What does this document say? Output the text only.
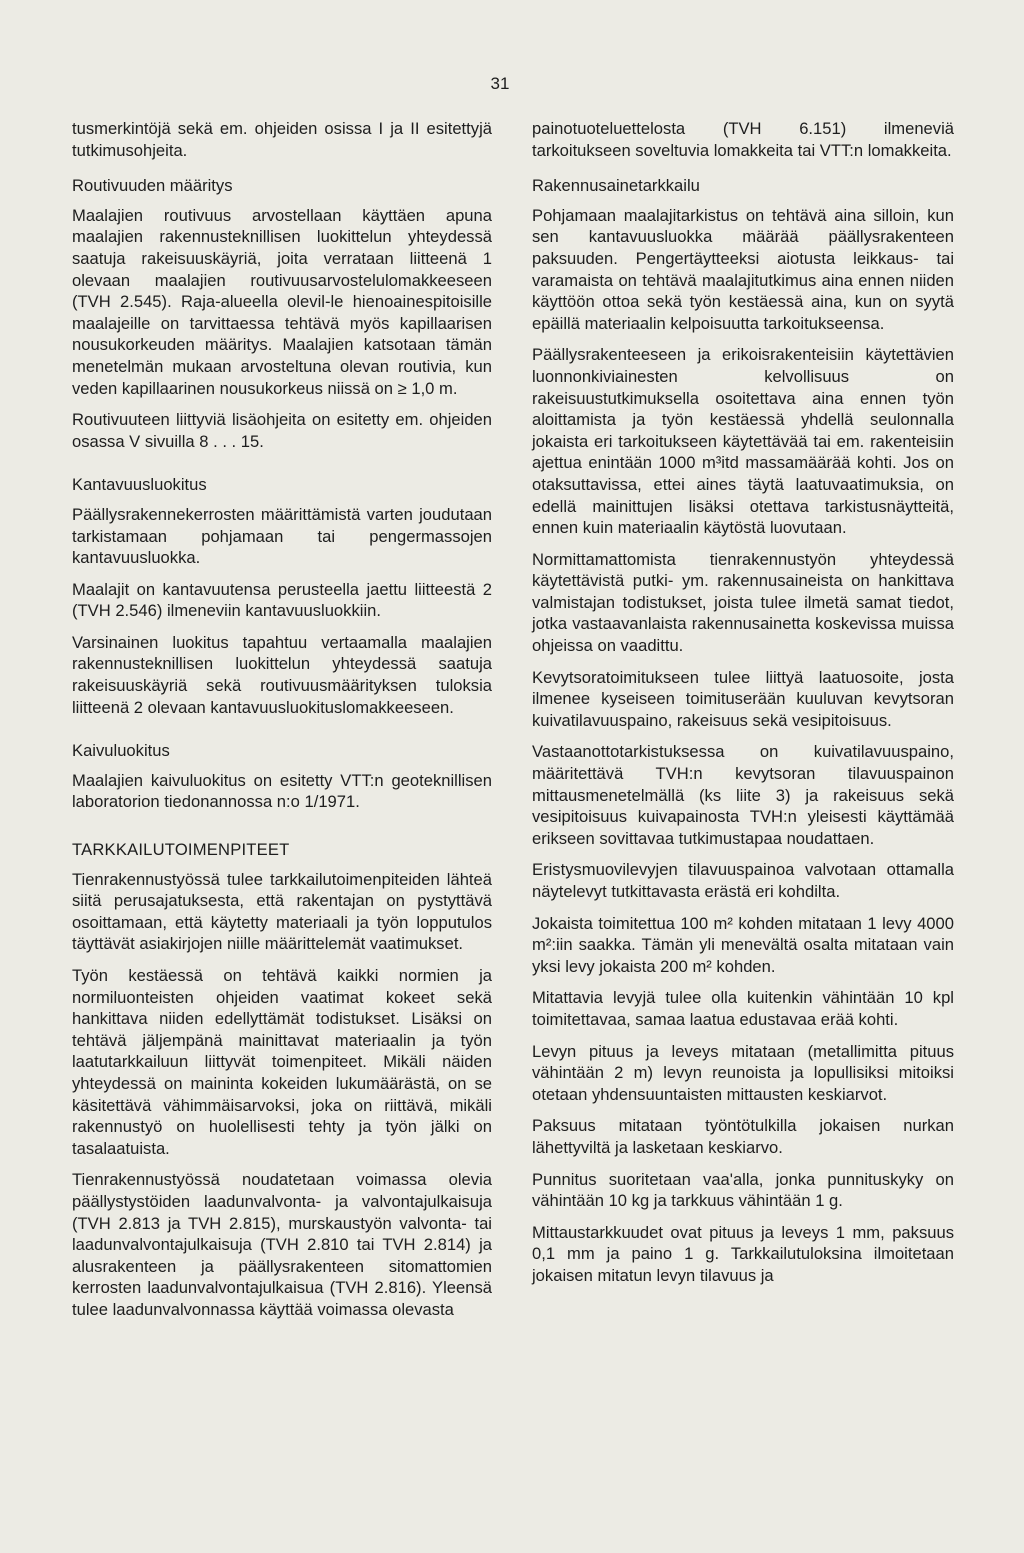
31

tusmerkintöjä sekä em. ohjeiden osissa I ja II esitettyjä tutkimusohjeita.

Routivuuden määritys

Maalajien routivuus arvostellaan käyttäen apuna maalajien rakennusteknillisen luokittelun yhteydessä saatuja rakeisuuskäyriä, joita verrataan liitteenä 1 olevaan maalajien routivuusarvostelulomakkeeseen (TVH 2.545). Raja-alueella olevil-le hienoainespitoisille maalajeille on tarvittaessa tehtävä myös kapillaarisen nousukorkeuden määritys. Maalajien katsotaan tämän menetelmän mukaan arvosteltuna olevan routivia, kun veden kapillaarinen nousukorkeus niissä on ≥ 1,0 m.

Routivuuteen liittyviä lisäohjeita on esitetty em. ohjeiden osassa V sivuilla 8 . . . 15.

Kantavuusluokitus

Päällysrakennekerrosten määrittämistä varten joudutaan tarkistamaan pohjamaan tai pengermassojen kantavuusluokka.

Maalajit on kantavuutensa perusteella jaettu liitteestä 2 (TVH 2.546) ilmeneviin kantavuusluokkiin.

Varsinainen luokitus tapahtuu vertaamalla maalajien rakennusteknillisen luokittelun yhteydessä saatuja rakeisuuskäyriä sekä routivuusmäärityksen tuloksia liitteenä 2 olevaan kantavuusluokituslomakkeeseen.

Kaivuluokitus

Maalajien kaivuluokitus on esitetty VTT:n geoteknillisen laboratorion tiedonannossa n:o 1/1971.

TARKKAILUTOIMENPITEET

Tienrakennustyössä tulee tarkkailutoimenpiteiden lähteä siitä perusajatuksesta, että rakentajan on pystyttävä osoittamaan, että käytetty materiaali ja työn lopputulos täyttävät asiakirjojen niille määrittelemät vaatimukset.

Työn kestäessä on tehtävä kaikki normien ja normiluonteisten ohjeiden vaatimat kokeet sekä hankittava niiden edellyttämät todistukset. Lisäksi on tehtävä jäljempänä mainittavat materiaalin ja työn laatutarkkailuun liittyvät toimenpiteet. Mikäli näiden yhteydessä on maininta kokeiden lukumäärästä, on se käsitettävä vähimmäisarvoksi, joka on riittävä, mikäli rakennustyö on huolellisesti tehty ja työn jälki on tasalaatuista.

Tienrakennustyössä noudatetaan voimassa olevia päällystystöiden laadunvalvonta- ja valvontajulkaisuja (TVH 2.813 ja TVH 2.815), murskaustyön valvonta- tai laadunvalvontajulkaisuja (TVH 2.810 tai TVH 2.814) ja alusrakenteen ja päällysrakenteen sitomattomien kerrosten laadunvalvontajulkaisua (TVH 2.816). Yleensä tulee laadunvalvonnassa käyttää voimassa olevasta

painotuoteluettelosta (TVH 6.151) ilmeneviä tarkoitukseen soveltuvia lomakkeita tai VTT:n lomakkeita.

Rakennusainetarkkailu

Pohjamaan maalajitarkistus on tehtävä aina silloin, kun sen kantavuusluokka määrää päällysrakenteen paksuuden. Pengertäytteeksi aiotusta leikkaus- tai varamaista on tehtävä maalajitutkimus aina ennen niiden käyttöön ottoa sekä työn kestäessä aina, kun on syytä epäillä materiaalin kelpoisuutta tarkoitukseensa.

Päällysrakenteeseen ja erikoisrakenteisiin käytettävien luonnonkiviainesten kelvollisuus on rakeisuustutkimuksella osoitettava aina ennen työn aloittamista ja työn kestäessä yhdellä seulonnalla jokaista eri tarkoitukseen käytettävää tai em. rakenteisiin ajettua enintään 1000 m³itd massamäärää kohti. Jos on otaksuttavissa, ettei aines täytä laatuvaatimuksia, on edellä mainittujen lisäksi otettava tarkistusnäytteitä, ennen kuin materiaalin käytöstä luovutaan.

Normittamattomista tienrakennustyön yhteydessä käytettävistä putki- ym. rakennusaineista on hankittava valmistajan todistukset, joista tulee ilmetä samat tiedot, jotka vastaavanlaista rakennusainetta koskevissa muissa ohjeissa on vaadittu.

Kevytsoratoimitukseen tulee liittyä laatuosoite, josta ilmenee kyseiseen toimituserään kuuluvan kevytsoran kuivatilavuuspaino, rakeisuus sekä vesipitoisuus.

Vastaanottotarkistuksessa on kuivatilavuuspaino, määritettävä TVH:n kevytsoran tilavuuspainon mittausmenetelmällä (ks liite 3) ja rakeisuus sekä vesipitoisuus kuivapainosta TVH:n yleisesti käyttämää erikseen sovittavaa tutkimustapaa noudattaen.

Eristysmuovilevyjen tilavuuspainoa valvotaan ottamalla näytelevyt tutkittavasta erästä eri kohdilta.

Jokaista toimitettua 100 m² kohden mitataan 1 levy 4000 m²:iin saakka. Tämän yli menevältä osalta mitataan vain yksi levy jokaista 200 m² kohden.

Mitattavia levyjä tulee olla kuitenkin vähintään 10 kpl toimitettavaa, samaa laatua edustavaa erää kohti.

Levyn pituus ja leveys mitataan (metallimitta pituus vähintään 2 m) levyn reunoista ja lopullisiksi mitoiksi otetaan yhdensuuntaisten mittausten keskiarvot.

Paksuus mitataan työntötulkilla jokaisen nurkan lähettyviltä ja lasketaan keskiarvo.

Punnitus suoritetaan vaa'alla, jonka punnituskyky on vähintään 10 kg ja tarkkuus vähintään 1 g.

Mittaustarkkuudet ovat pituus ja leveys 1 mm, paksuus 0,1 mm ja paino 1 g. Tarkkailutuloksina ilmoitetaan jokaisen mitatun levyn tilavuus ja
